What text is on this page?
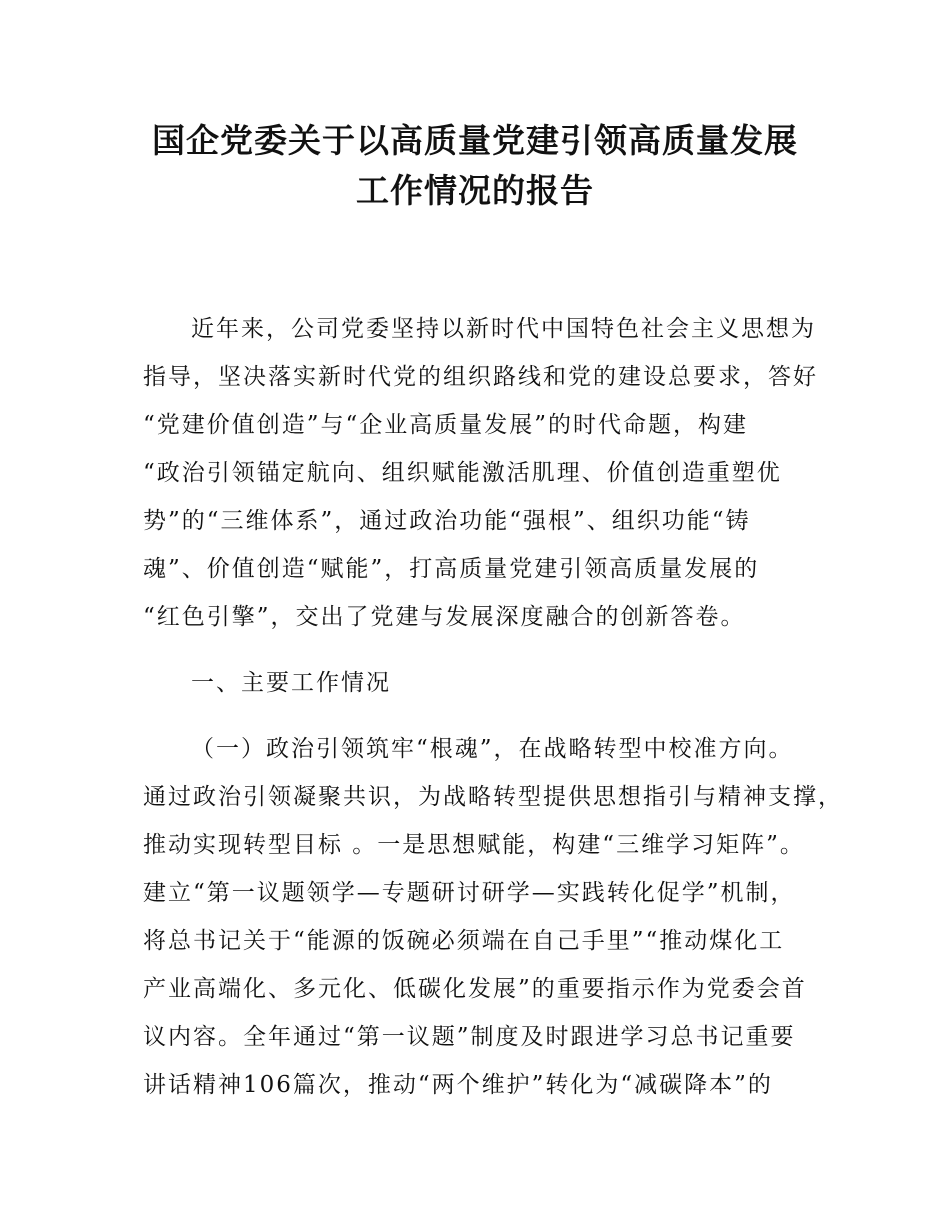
国企党委关于以高质量党建引领高质量发展
工作情况的报告
近年来，公司党委坚持以新时代中国特色社会主义思想为
指导，坚决落实新时代党的组织路线和党的建设总要求，答好
“党建价值创造”与“企业高质量发展”的时代命题，构建
“政治引领锚定航向、组织赋能激活肌理、价值创造重塑优
势”的“三维体系”，通过政治功能“强根”、组织功能“铸
魂”、价值创造“赋能”，打高质量党建引领高质量发展的
“红色引擎”，交出了党建与发展深度融合的创新答卷。
一、主要工作情况
（一）政治引领筑牢“根魂”，在战略转型中校准方向。
通过政治引领凝聚共识，为战略转型提供思想指引与精神支撑，
推动实现转型目标 。一是思想赋能，构建“三维学习矩阵”。
建立“第一议题领学—专题研讨研学—实践转化促学”机制，
将总书记关于“能源的饭碗必须端在自己手里”“推动煤化工
产业高端化、多元化、低碳化发展”的重要指示作为党委会首
议内容。全年通过“第一议题”制度及时跟进学习总书记重要
讲话精神106篇次，推动“两个维护”转化为“减碳降本”的
